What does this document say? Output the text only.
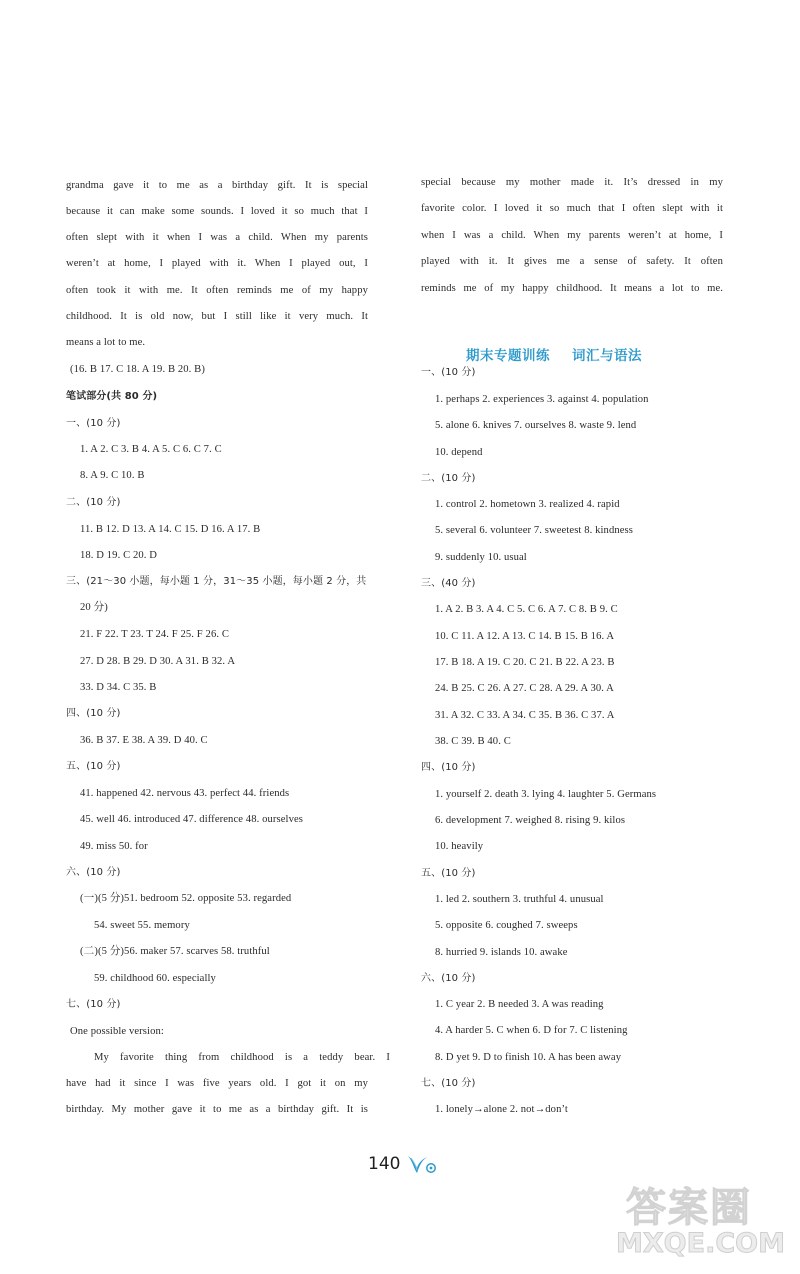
grandma gave it to me as a birthday gift. It is special
because it can make some sounds. I loved it so much that I
often slept with it when I was a child. When my parents
weren’t at home, I played with it. When I played out, I
often took it with me. It often reminds me of my happy
childhood. It is old now, but I still like it very much. It
means a lot to me.
(16. B 17. C 18. A 19. B 20. B)
笔试部分(共 80 分)
一、(10 分)
1. A 2. C 3. B 4. A 5. C 6. C 7. C
8. A 9. C 10. B
二、(10 分)
11. B 12. D 13. A 14. C 15. D 16. A 17. B
18. D 19. C 20. D
三、(21～30 小题，每小题 1 分，31～35 小题，每小题 2 分，共
20 分)
21. F 22. T 23. T 24. F 25. F 26. C
27. D 28. B 29. D 30. A 31. B 32. A
33. D 34. C 35. B
四、(10 分)
36. B 37. E 38. A 39. D 40. C
五、(10 分)
41. happened 42. nervous 43. perfect 44. friends
45. well 46. introduced 47. difference 48. ourselves
49. miss 50. for
六、(10 分)
(一)(5 分)51. bedroom 52. opposite 53. regarded
54. sweet 55. memory
(二)(5 分)56. maker 57. scarves 58. truthful
59. childhood 60. especially
七、(10 分)
One possible version:
My favorite thing from childhood is a teddy bear. I
have had it since I was five years old. I got it on my
birthday. My mother gave it to me as a birthday gift. It is
期末专题训练 词汇与语法
special because my mother made it. It’s dressed in my
favorite color. I loved it so much that I often slept with it
when I was a child. When my parents weren’t at home, I
played with it. It gives me a sense of safety. It often
reminds me of my happy childhood. It means a lot to me.
一、(10 分)
1. perhaps 2. experiences 3. against 4. population
5. alone 6. knives 7. ourselves 8. waste 9. lend
10. depend
二、(10 分)
1. control 2. hometown 3. realized 4. rapid
5. several 6. volunteer 7. sweetest 8. kindness
9. suddenly 10. usual
三、(40 分)
1. A 2. B 3. A 4. C 5. C 6. A 7. C 8. B 9. C
10. C 11. A 12. A 13. C 14. B 15. B 16. A
17. B 18. A 19. C 20. C 21. B 22. A 23. B
24. B 25. C 26. A 27. C 28. A 29. A 30. A
31. A 32. C 33. A 34. C 35. B 36. C 37. A
38. C 39. B 40. C
四、(10 分)
1. yourself 2. death 3. lying 4. laughter 5. Germans
6. development 7. weighed 8. rising 9. kilos
10. heavily
五、(10 分)
1. led 2. southern 3. truthful 4. unusual
5. opposite 6. coughed 7. sweeps
8. hurried 9. islands 10. awake
六、(10 分)
1. C year 2. B needed 3. A was reading
4. A harder 5. C when 6. D for 7. C listening
8. D yet 9. D to finish 10. A has been away
七、(10 分)
1. lonely→alone 2. not→don’t
140
答案圈
MXQE.COM
